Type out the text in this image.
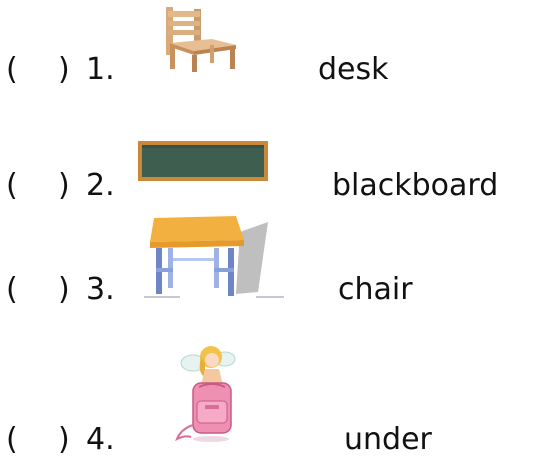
( ) 1.	desk
( ) 2.	blackboard
( ) 3.	chair
( ) 4.	under
